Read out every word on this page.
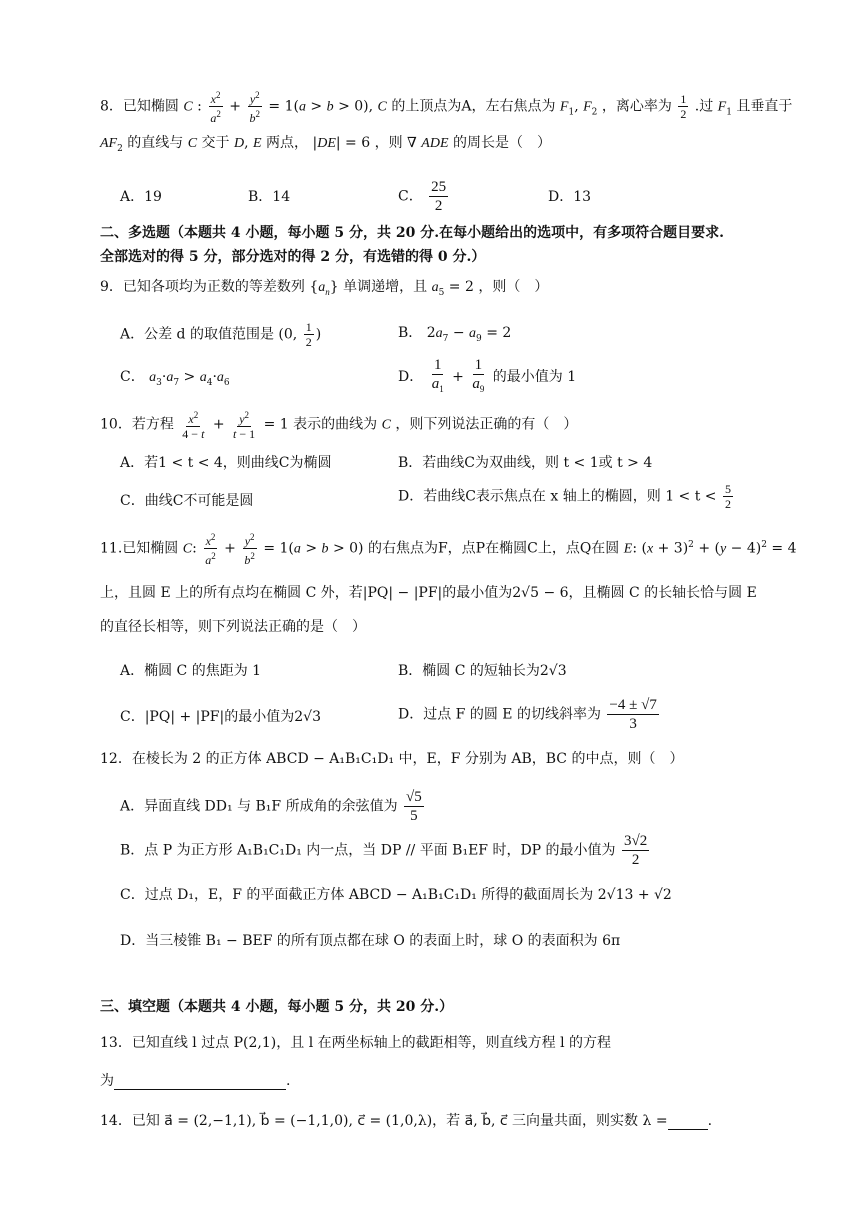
8．已知椭圆 C : $\frac{x^2}{a^2} + \frac{y^2}{b^2} = 1(a > b > 0)$, C 的上顶点为A，左右焦点为 $F_1$, $F_2$ ，离心率为 $\frac{1}{2}$ .过 $F_1$ 且垂直于
$AF_2$ 的直线与 C 交于 D, E 两点， |DE| = 6 ，则 ∇ ADE 的周长是（　）
A．19	B．14	C． $\frac{25}{2}$	D．13
二、多选题（本题共 4 小题，每小题 5 分，共 20 分.在每小题给出的选项中，有多项符合题目要求.
全部选对的得 5 分，部分选对的得 2 分，有选错的得 0 分.）
9．已知各项均为正数的等差数列 $\{a_n\}$ 单调递增，且 $a_5 = 2$ ，则（　）
A．公差 d 的取值范围是 (0, $\frac{1}{2}$ )	B． $2a_7 - a_9 = 2$
C． $a_3\cdot a_7 > a_4\cdot a_6$	D． $\frac{1}{a_1} + \frac{1}{a_9}$ 的最小值为 1
10．若方程 $\frac{x^2}{4 - t} + \frac{y^2}{t - 1} = 1$ 表示的曲线为 C ，则下列说法正确的有（　）
A．若1 < t < 4，则曲线C为椭圆	B．若曲线C为双曲线，则 t < 1或 t > 4
C．曲线C不可能是圆	D．若曲线C表示焦点在 x 轴上的椭圆，则 $1 < t < \frac{5}{2}$
11.已知椭圆 C: $\frac{x^2}{a^2} + \frac{y^2}{b^2} = 1(a > b > 0)$ 的右焦点为F，点P在椭圆C上，点Q在圆 E: $(x + 3)^2 + (y - 4)^2 = 4$
上，且圆 E 上的所有点均在椭圆 C 外，若|PQ| − |PF|的最小值为2√5 − 6，且椭圆 C 的长轴长恰与圆 E
的直径长相等，则下列说法正确的是（　）
A．椭圆 C 的焦距为 1	B．椭圆 C 的短轴长为2√3
C．|PQ| + |PF|的最小值为2√3	D．过点 F 的圆 E 的切线斜率为 $\frac{-4 \pm √7}{3}$
12．在棱长为 2 的正方体 ABCD − A₁B₁C₁D₁ 中，E，F 分别为 AB，BC 的中点，则（　）
A．异面直线 DD₁ 与 B₁F 所成角的余弦值为 $\frac{√5}{5}$
B．点 P 为正方形 A₁B₁C₁D₁ 内一点，当 DP // 平面 B₁EF 时，DP 的最小值为 $\frac{3√2}{2}$
C．过点 D₁，E，F 的平面截正方体 ABCD − A₁B₁C₁D₁ 所得的截面周长为 2√13 + √2
D．当三棱锥 B₁ − BEF 的所有顶点都在球 O 的表面上时，球 O 的表面积为 6π
三、填空题（本题共 4 小题，每小题 5 分，共 20 分.）
13．已知直线 l 过点 P(2,1)，且 l 在两坐标轴上的截距相等，则直线方程 l 的方程
为	.
14．已知 a⃗ = (2,−1,1), b⃗ = (−1,1,0), c⃗ = (1,0,λ)，若 a⃗, b⃗, c⃗ 三向量共面，则实数 λ =	.
